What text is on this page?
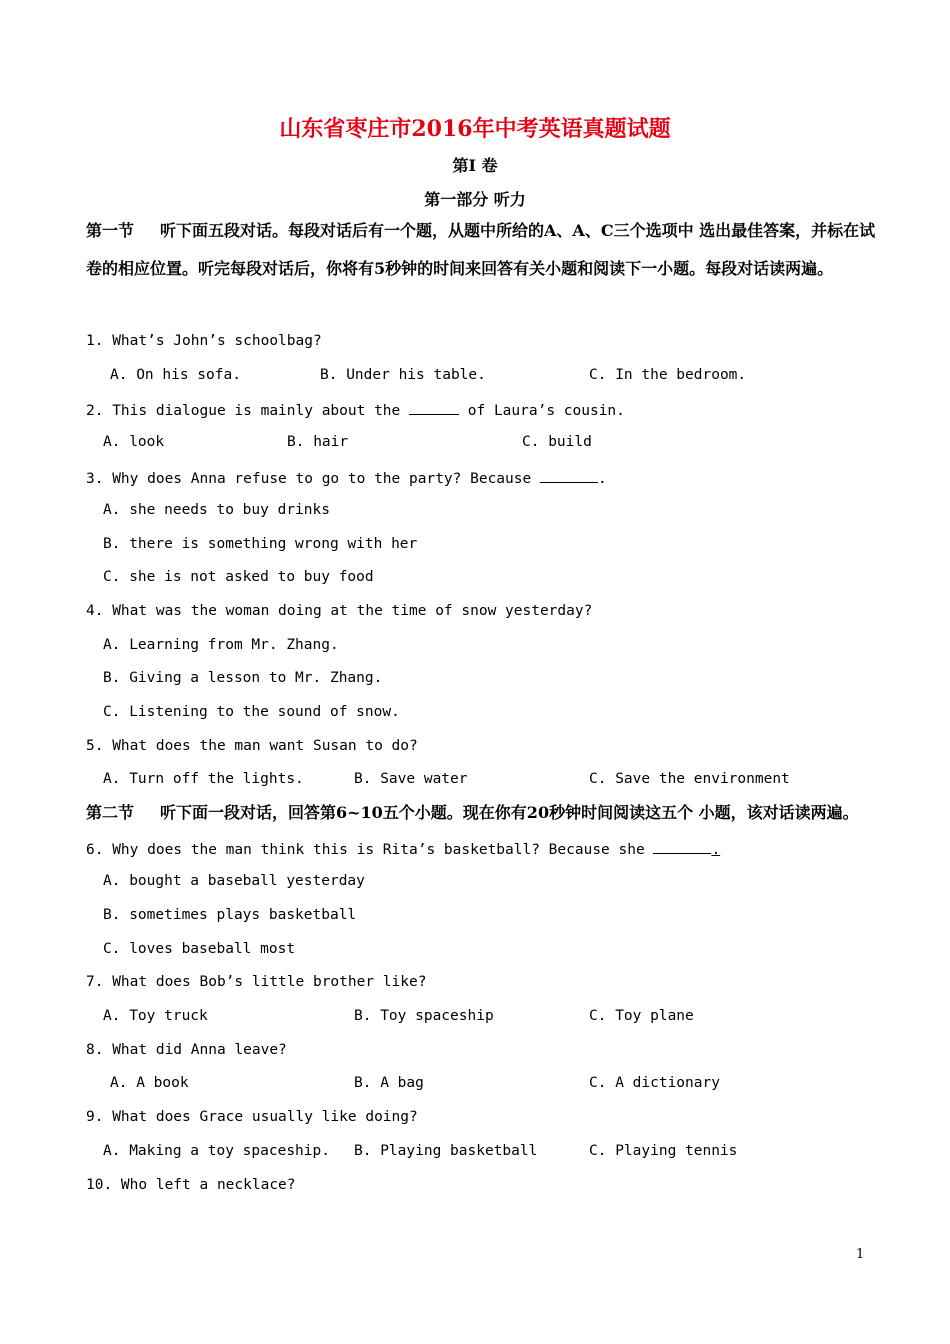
山东省枣庄市2016年中考英语真题试题
第Ⅰ 卷
第一部分 听力
第一节 听下面五段对话。每段对话后有一个题，从题中所给的A、A、C三个选项中 选出最佳答案，并标在试卷的相应位置。听完每段对话后，你将有5秒钟的时间来回答有关小题和阅读下一小题。每段对话读两遍。
1. What’s John’s schoolbag?
A. On his sofa.	B. Under his table.	C. In the bedroom.
2. This dialogue is mainly about the	of Laura’s cousin.
A. look	B. hair	C. build
3. Why does Anna refuse to go to the party? Because	.
A. she needs to buy drinks
B. there is something wrong with her
C. she is not asked to buy food
4. What was the woman doing at the time of snow yesterday?
A. Learning from Mr. Zhang.
B. Giving a lesson to Mr. Zhang.
C. Listening to the sound of snow.
5. What does the man want Susan to do?
A. Turn off the lights.	B. Save water	C. Save the environment
第二节 听下面一段对话，回答第6~10五个小题。现在你有20秒钟时间阅读这五个 小题，该对话读两遍。
6. Why does the man think this is Rita’s basketball? Because she	.
A. bought a baseball yesterday
B. sometimes plays basketball
C. loves baseball most
7. What does Bob’s little brother like?
A. Toy truck	B. Toy spaceship	C. Toy plane
8. What did Anna leave?
A. A book	B. A bag	C. A dictionary
9. What does Grace usually like doing?
A. Making a toy spaceship. B. Playing basketball	C. Playing tennis
10. Who left a necklace?
1
